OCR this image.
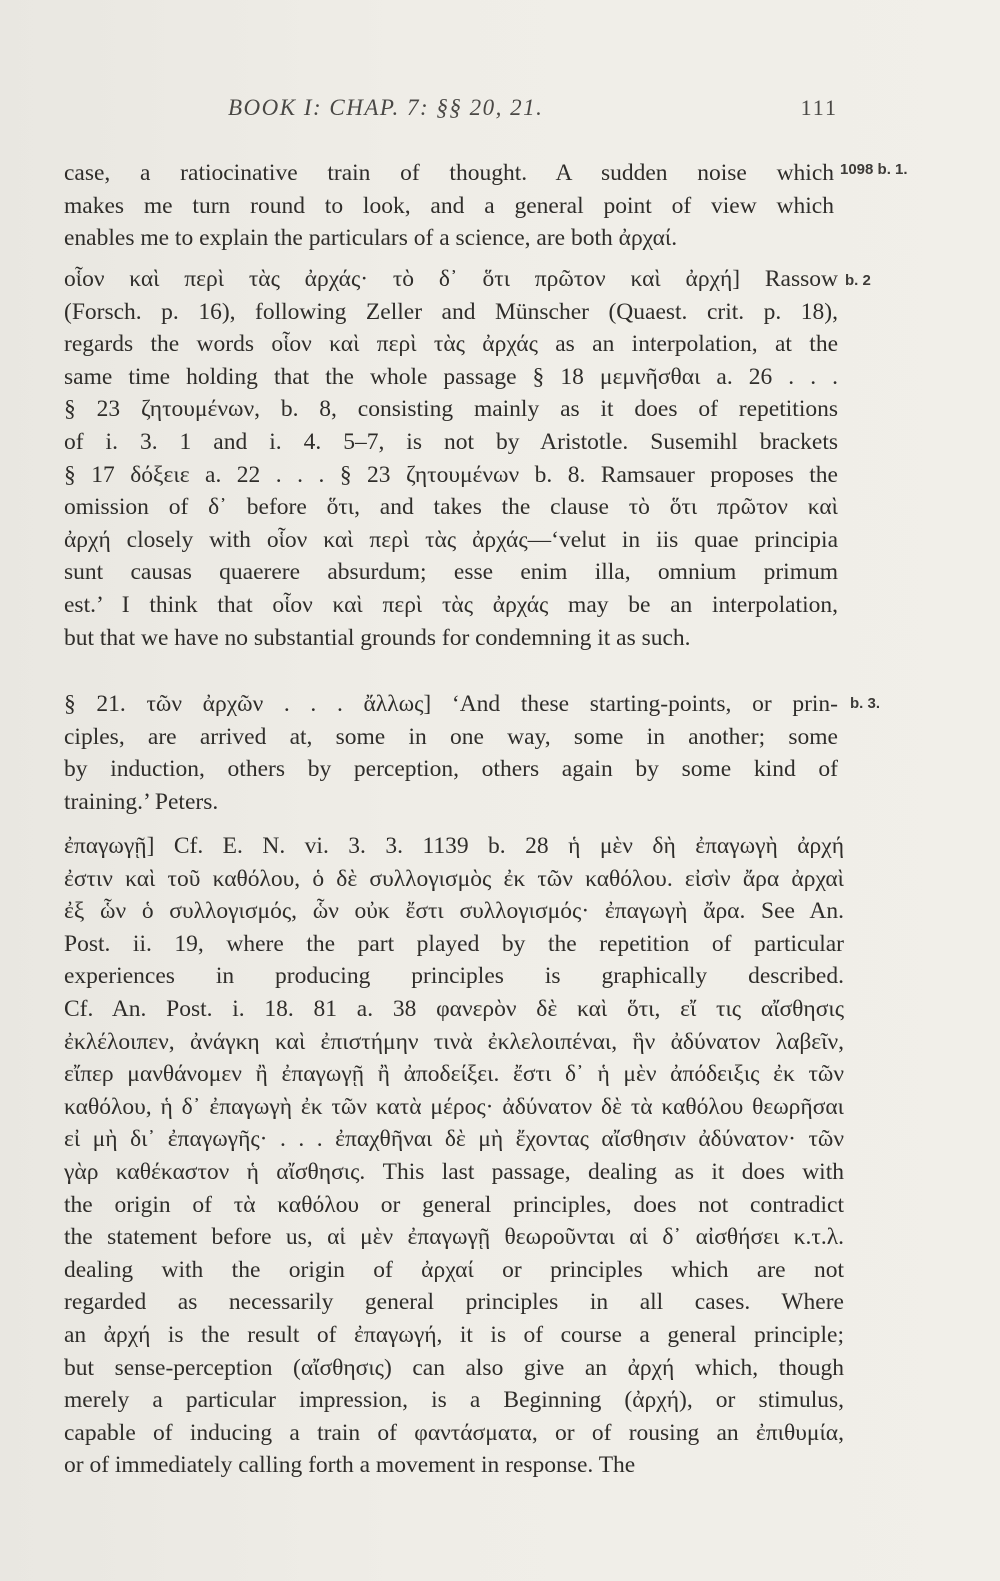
BOOK I: CHAP. 7: §§ 20, 21.	111
1098 b. 1.
b. 2
b. 3.
case, a ratiocinative train of thought. A sudden noise which
makes me turn round to look, and a general point of view which
enables me to explain the particulars of a science, are both ἀρχαί.
οἷον καὶ περὶ τὰς ἀρχάς· τὸ δ᾽ ὅτι πρῶτον καὶ ἀρχή] Rassow
(Forsch. p. 16), following Zeller and Münscher (Quaest. crit. p. 18),
regards the words οἷον καὶ περὶ τὰς ἀρχάς as an interpolation, at the
same time holding that the whole passage § 18 μεμνῆσθαι a. 26 . . .
§ 23 ζητουμένων, b. 8, consisting mainly as it does of repetitions
of i. 3. 1 and i. 4. 5–7, is not by Aristotle. Susemihl brackets
§ 17 δόξειε a. 22 . . . § 23 ζητουμένων b. 8. Ramsauer proposes the
omission of δ᾽ before ὅτι, and takes the clause τὸ ὅτι πρῶτον καὶ
ἀρχή closely with οἷον καὶ περὶ τὰς ἀρχάς—‘velut in iis quae principia
sunt causas quaerere absurdum; esse enim illa, omnium primum
est.’ I think that οἷον καὶ περὶ τὰς ἀρχάς may be an interpolation,
but that we have no substantial grounds for condemning it as such.
§ 21. τῶν ἀρχῶν . . . ἄλλως] ‘And these starting-points, or prin-
ciples, are arrived at, some in one way, some in another; some
by induction, others by perception, others again by some kind of
training.’ Peters.
ἐπαγωγῇ] Cf. E. N. vi. 3. 3. 1139 b. 28 ἡ μὲν δὴ ἐπαγωγὴ ἀρχή
ἐστιν καὶ τοῦ καθόλου, ὁ δὲ συλλογισμὸς ἐκ τῶν καθόλου. εἰσὶν ἄρα ἀρχαὶ
ἐξ ὧν ὁ συλλογισμός, ὧν οὐκ ἔστι συλλογισμός· ἐπαγωγὴ ἄρα. See An.
Post. ii. 19, where the part played by the repetition of particular
experiences in producing principles is graphically described.
Cf. An. Post. i. 18. 81 a. 38 φανερὸν δὲ καὶ ὅτι, εἴ τις αἴσθησις
ἐκλέλοιπεν, ἀνάγκη καὶ ἐπιστήμην τινὰ ἐκλελοιπέναι, ἣν ἀδύνατον λαβεῖν,
εἴπερ μανθάνομεν ἢ ἐπαγωγῇ ἢ ἀποδείξει. ἔστι δ᾽ ἡ μὲν ἀπόδειξις ἐκ τῶν
καθόλου, ἡ δ᾽ ἐπαγωγὴ ἐκ τῶν κατὰ μέρος· ἀδύνατον δὲ τὰ καθόλου θεωρῆσαι
εἰ μὴ δι᾽ ἐπαγωγῆς· . . . ἐπαχθῆναι δὲ μὴ ἔχοντας αἴσθησιν ἀδύνατον· τῶν
γὰρ καθέκαστον ἡ αἴσθησις. This last passage, dealing as it does with
the origin of τὰ καθόλου or general principles, does not contradict
the statement before us, αἱ μὲν ἐπαγωγῇ θεωροῦνται αἱ δ᾽ αἰσθήσει κ.τ.λ.
dealing with the origin of ἀρχαί or principles which are not
regarded as necessarily general principles in all cases. Where
an ἀρχή is the result of ἐπαγωγή, it is of course a general principle;
but sense-perception (αἴσθησις) can also give an ἀρχή which, though
merely a particular impression, is a Beginning (ἀρχή), or stimulus,
capable of inducing a train of φαντάσματα, or of rousing an ἐπιθυμία,
or of immediately calling forth a movement in response. The
